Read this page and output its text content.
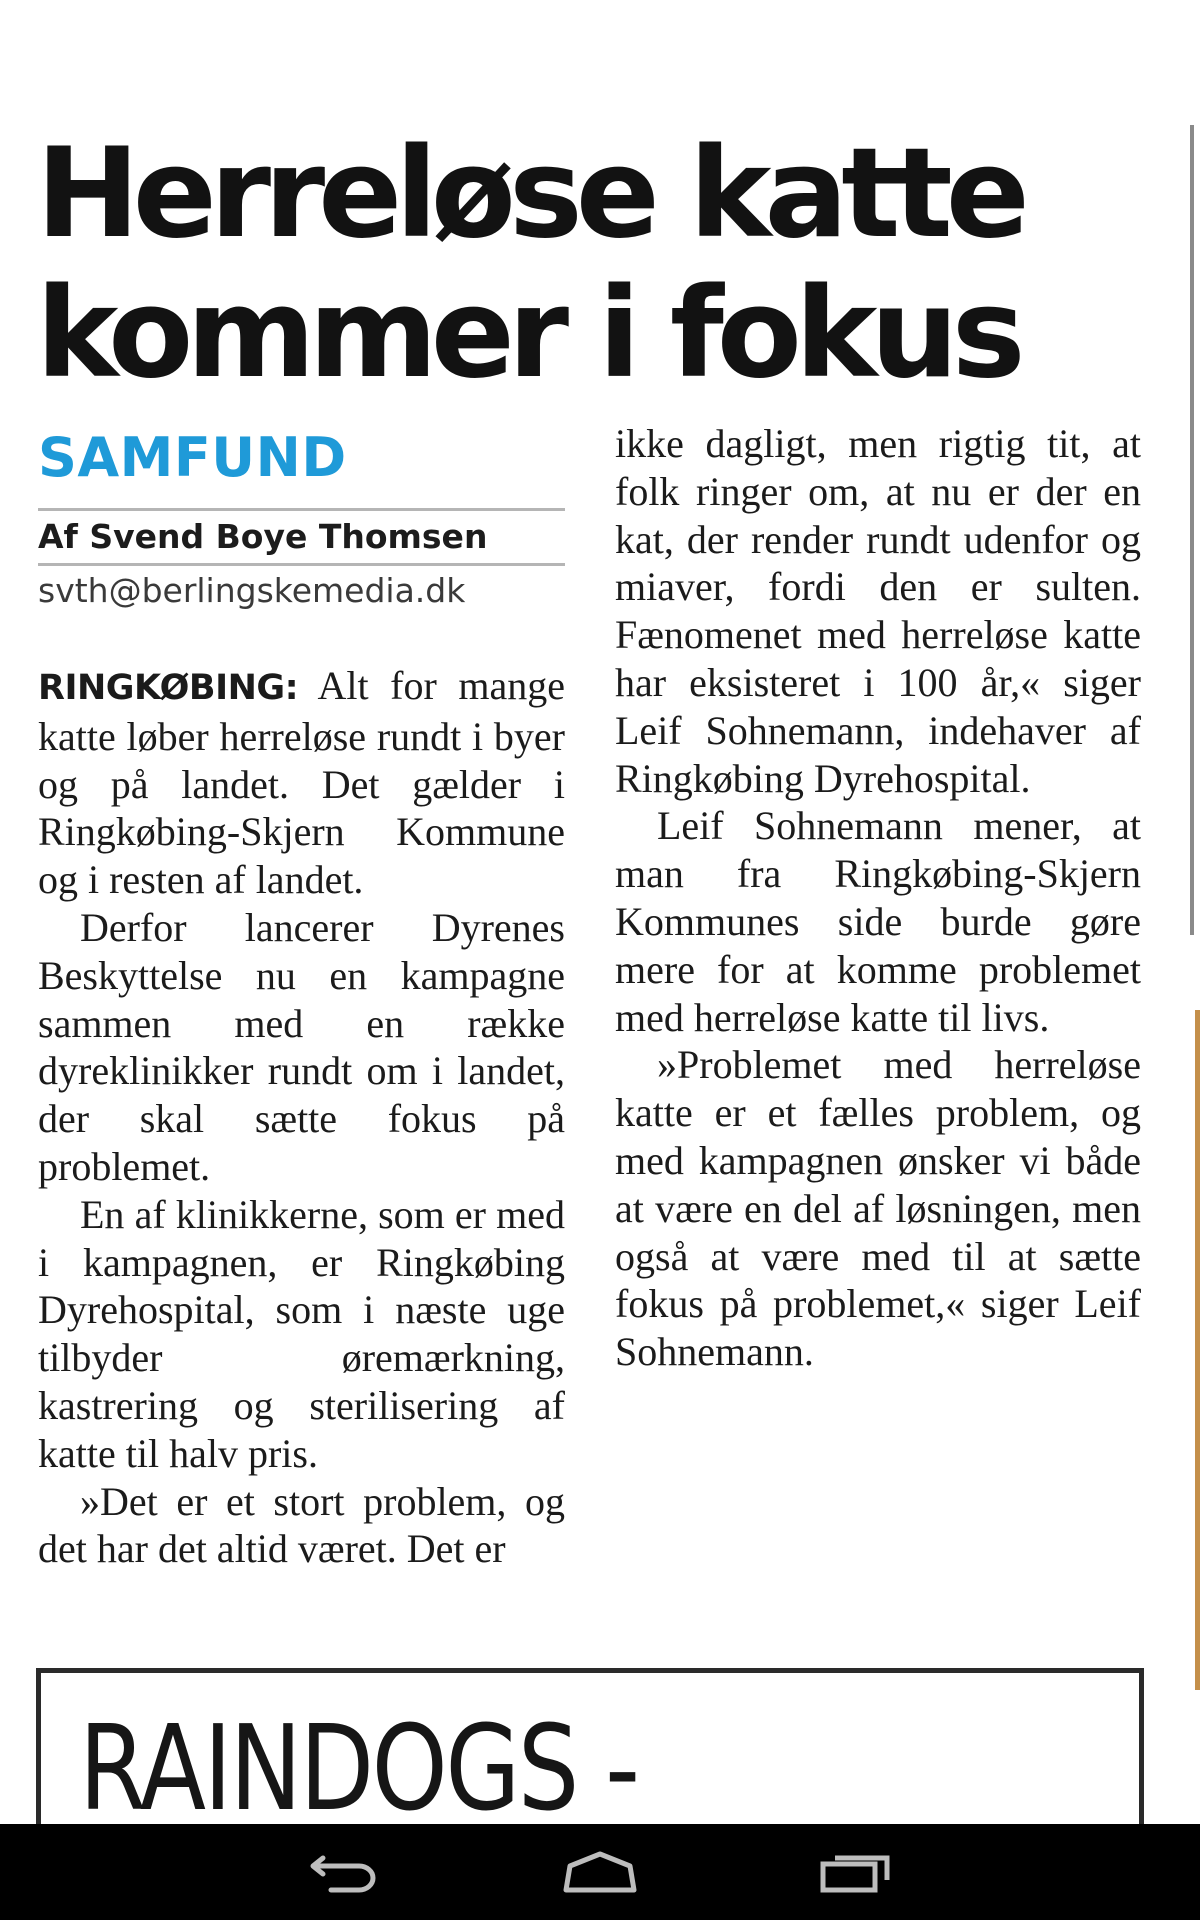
Herreløse katte
kommer i fokus
SAMFUND
Af Svend Boye Thomsen
svth@berlingskemedia.dk

RINGKØBING: Alt for mange katte løber herreløse rundt i byer og på landet. Det gælder i Ringkøbing-Skjern Kommune og i resten af landet.

Derfor lancerer Dyrenes Beskyttelse nu en kampagne sammen med en række dyreklinikker rundt om i landet, der skal sætte fokus på problemet.

En af klinikkerne, som er med i kampagnen, er Ringkøbing Dyrehospital, som i næste uge tilbyder øremærkning, kastrering og sterilisering af katte til halv pris.

»Det er et stort problem, og det har det altid været. Det er

ikke dagligt, men rigtig tit, at folk ringer om, at nu er der en kat, der render rundt udenfor og miaver, fordi den er sulten. Fænomenet med herreløse katte har eksisteret i 100 år,« siger Leif Sohnemann, indehaver af Ringkøbing Dyrehospital.

Leif Sohnemann mener, at man fra Ringkøbing-Skjern Kommunes side burde gøre mere for at komme problemet med herreløse katte til livs.

»Problemet med herreløse katte er et fælles problem, og med kampagnen ønsker vi både at være en del af løsningen, men også at være med til at sætte fokus på problemet,« siger Leif Sohnemann.

RAINDOGS -
